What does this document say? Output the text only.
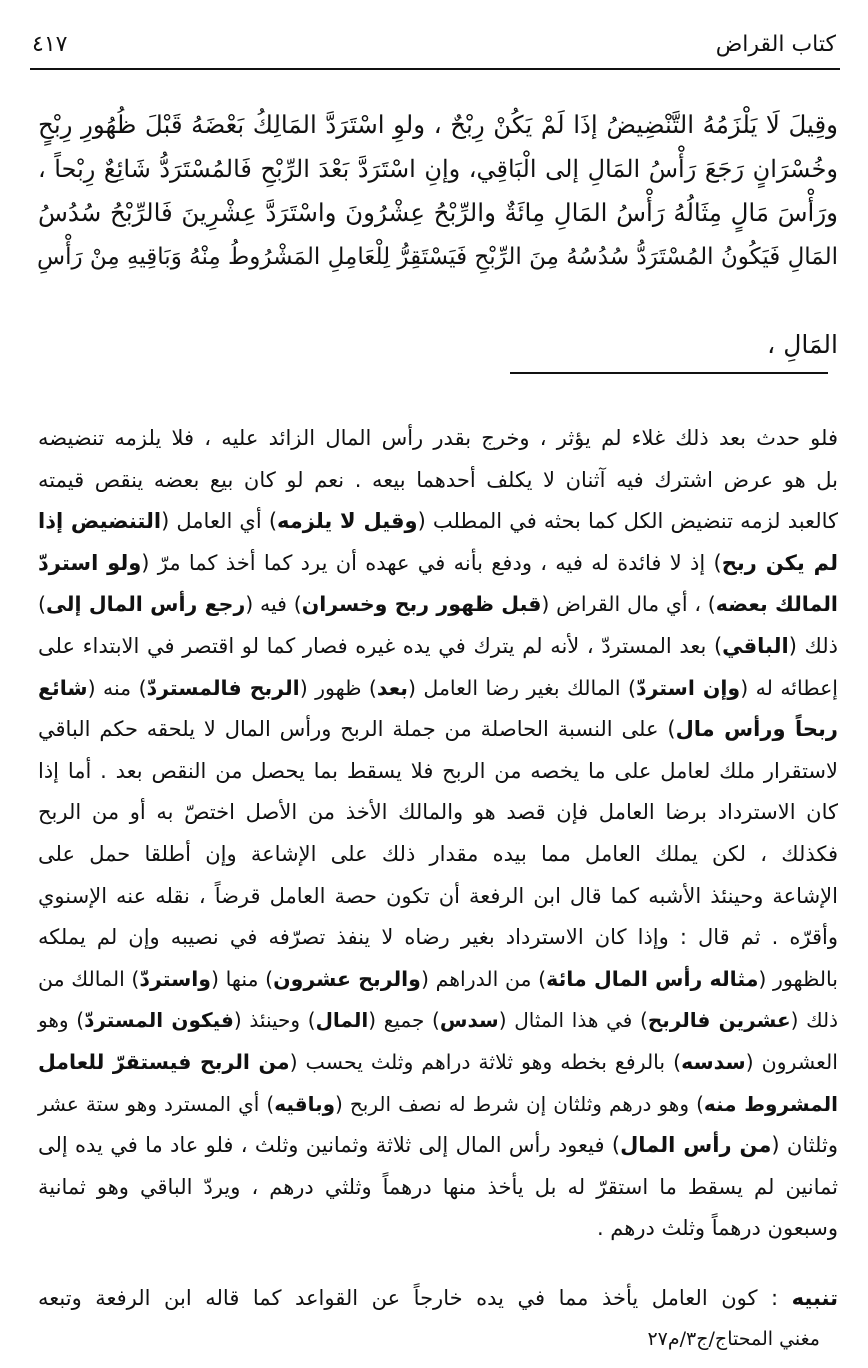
كتاب القراض
٤١٧
وقِيلَ لَا يَلْزَمُهُ التَّنْضِيضُ إذَا لَمْ يَكُنْ رِبْحٌ ، ولوِ اسْتَرَدَّ المَالِكُ بَعْضَهُ قَبْلَ ظُهُورِ رِبْحٍ
وخُسْرَانٍ رَجَعَ رَأْسُ المَالِ إلى الْبَاقِي، وإنِ اسْتَرَدَّ بَعْدَ الرِّبْحِ فَالمُسْتَرَدُّ شَائِعٌ رِبْحاً ،
ورَأْسَ مَالٍ مِثَالُهُ رَأْسُ المَالِ مِائَةٌ والرِّبْحُ عِشْرُونَ واسْتَرَدَّ عِشْرِينَ فَالرِّبْحُ سُدُسُ
المَالِ فَيَكُونُ المُسْتَرَدُّ سُدُسُهُ مِنَ الرِّبْحِ فَيَسْتَقِرُّ لِلْعَامِلِ المَشْرُوطُ مِنْهُ وَبَاقِيهِ مِنْ رَأْسِ
المَالِ ،
فلو حدث بعد ذلك غلاء لم يؤثر ، وخرج بقدر رأس المال الزائد عليه ، فلا يلزمه تنضيضه
بل هو عرض اشترك فيه آثنان لا يكلف أحدهما بيعه . نعم لو كان بيع بعضه ينقص قيمته
كالعبد لزمه تنضيض الكل كما بحثه في المطلب (وقيل لا يلزمه) أي العامل (التنضيض إذا
لم يكن ربح) إذ لا فائدة له فيه ، ودفع بأنه في عهده أن يرد كما أخذ كما مرّ (ولو استردّ
المالك بعضه) ، أي مال القراض (قبل ظهور ربح وخسران) فيه (رجع رأس المال إلى)
ذلك (الباقي) بعد المستردّ ، لأنه لم يترك في يده غيره فصار كما لو اقتصر في الابتداء على
إعطائه له (وإن استردّ) المالك بغير رضا العامل (بعد) ظهور (الربح فالمستردّ) منه (شائع
ربحاً ورأس مال) على النسبة الحاصلة من جملة الربح ورأس المال لا يلحقه حكم الباقي
لاستقرار ملك لعامل على ما يخصه من الربح فلا يسقط بما يحصل من النقص بعد . أما إذا
كان الاسترداد برضا العامل فإن قصد هو والمالك الأخذ من الأصل اختصّ به أو من الربح
فكذلك ، لكن يملك العامل مما بيده مقدار ذلك على الإشاعة وإن أطلقا حمل على
الإشاعة وحينئذ الأشبه كما قال ابن الرفعة أن تكون حصة العامل قرضاً ، نقله عنه الإسنوي
وأقرّه . ثم قال : وإذا كان الاسترداد بغير رضاه لا ينفذ تصرّفه في نصيبه وإن لم يملكه
بالظهور (مثاله رأس المال مائة) من الدراهم (والربح عشرون) منها (واستردّ) المالك من
ذلك (عشرين فالربح) في هذا المثال (سدس) جميع (المال) وحينئذ (فيكون المستردّ) وهو
العشرون (سدسه) بالرفع بخطه وهو ثلاثة دراهم وثلث يحسب (من الربح فيستقرّ للعامل
المشروط منه) وهو درهم وثلثان إن شرط له نصف الربح (وباقيه) أي المسترد وهو ستة عشر
وثلثان (من رأس المال) فيعود رأس المال إلى ثلاثة وثمانين وثلث ، فلو عاد ما في يده إلى
ثمانين لم يسقط ما استقرّ له بل يأخذ منها درهماً وثلثي درهم ، ويردّ الباقي وهو ثمانية
وسبعون درهماً وثلث درهم .
تنبيه : كون العامل يأخذ مما في يده خارجاً عن القواعد كما قاله ابن الرفعة وتبعه
مغني المحتاج/ج٣/م٢٧
